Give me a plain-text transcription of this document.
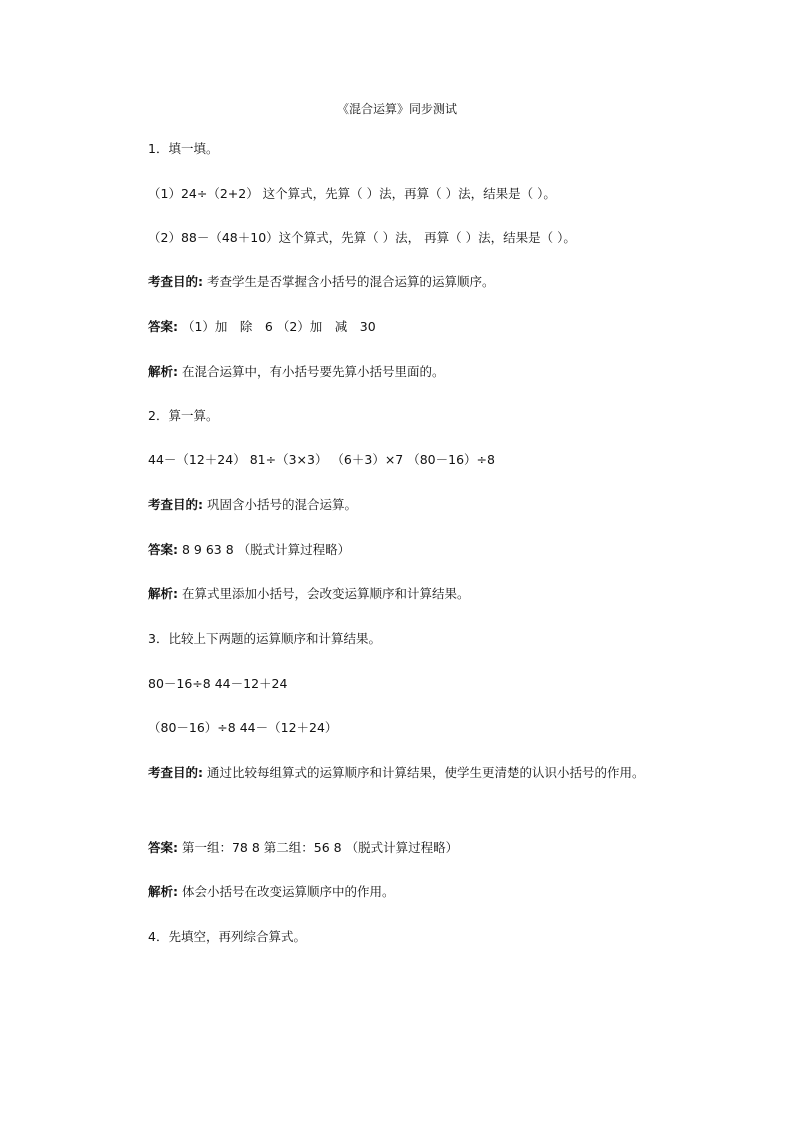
《混合运算》同步测试
1．填一填。
（1）24÷（2+2） 这个算式，先算（ ）法，再算（ ）法，结果是（ ）。
（2）88－（48＋10）这个算式，先算（ ）法， 再算（ ）法，结果是（ ）。
考查目的: 考查学生是否掌握含小括号的混合运算的运算顺序。
答案: （1）加　除　6 （2）加　减　30
解析: 在混合运算中，有小括号要先算小括号里面的。
2．算一算。
44－（12＋24） 81÷（3×3） （6＋3）×7 （80－16）÷8
考查目的: 巩固含小括号的混合运算。
答案: 8 9 63 8 （脱式计算过程略）
解析: 在算式里添加小括号，会改变运算顺序和计算结果。
3．比较上下两题的运算顺序和计算结果。
80－16÷8 44－12＋24
（80－16）÷8 44－（12＋24）
考查目的: 通过比较每组算式的运算顺序和计算结果，使学生更清楚的认识小括号的作用。
答案: 第一组：78 8 第二组：56 8 （脱式计算过程略）
解析: 体会小括号在改变运算顺序中的作用。
4．先填空，再列综合算式。
